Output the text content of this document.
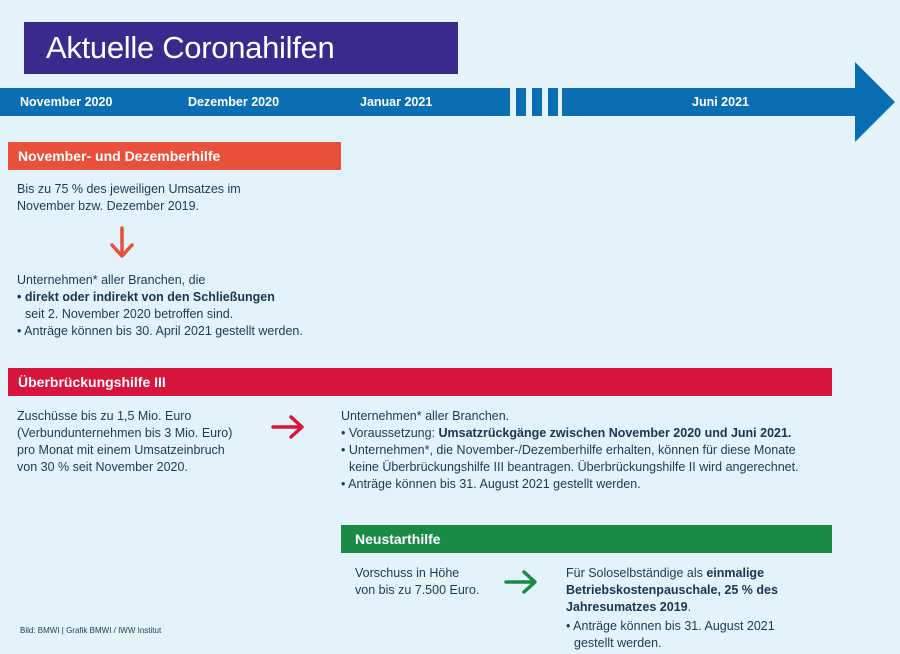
Aktuelle Coronahilfen
November 2020	Dezember 2020	Januar 2021	Juni 2021
November- und Dezemberhilfe
Bis zu 75 % des jeweiligen Umsatzes im
November bzw. Dezember 2019.
Unternehmen* aller Branchen, die
• direkt oder indirekt von den Schließungen
seit 2. November 2020 betroffen sind.
• Anträge können bis 30. April 2021 gestellt werden.
Überbrückungshilfe III
Zuschüsse bis zu 1,5 Mio. Euro
(Verbundunternehmen bis 3 Mio. Euro)
pro Monat mit einem Umsatzeinbruch
von 30 % seit November 2020.
Unternehmen* aller Branchen.
• Voraussetzung: Umsatzrückgänge zwischen November 2020 und Juni 2021.
• Unternehmen*, die November-/Dezemberhilfe erhalten, können für diese Monate
keine Überbrückungshilfe III beantragen. Überbrückungshilfe II wird angerechnet.
• Anträge können bis 31. August 2021 gestellt werden.
Neustarthilfe
Vorschuss in Höhe
von bis zu 7.500 Euro.
Für Soloselbständige als einmalige
Betriebskostenpauschale, 25 % des
Jahresumatzes 2019.
• Anträge können bis 31. August 2021
gestellt werden.
Bild: BMWI | Grafik BMWI / IWW Institut
